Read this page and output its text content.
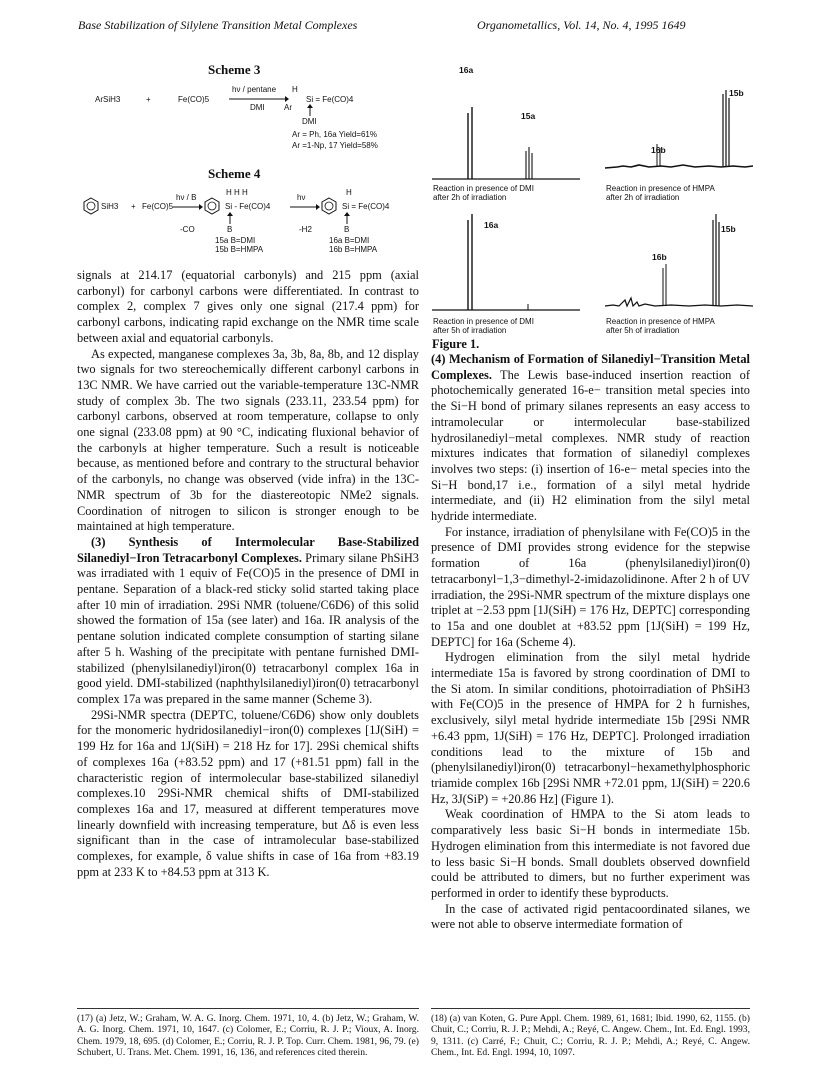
Base Stabilization of Silylene Transition Metal Complexes	Organometallics, Vol. 14, No. 4, 1995 1649
Scheme 3
ArSiH3	+	Fe(CO)5
hν / pentane
DMI
H
Ar
Si = Fe(CO)4
DMI
Ar = Ph, 16a Yield=61%
Ar =1-Np, 17 Yield=58%
Scheme 4
SiH3 + Fe(CO)5
hν / B
-CO
H H H
Si - Fe(CO)4
B
15a B=DMI
15b B=HMPA
hν
-H2
H
Si = Fe(CO)4
B
16a B=DMI
16b B=HMPA

signals at 214.17 (equatorial carbonyls) and 215 ppm (axial carbonyl) for carbonyl carbons were differentiated. In contrast to complex 2, complex 7 gives only one signal (217.4 ppm) for carbonyl carbons, indicating rapid exchange on the NMR time scale between axial and equatorial carbonyls.

As expected, manganese complexes 3a, 3b, 8a, 8b, and 12 display two signals for two stereochemically different carbonyl carbons in 13C NMR. We have carried out the variable-temperature 13C-NMR study of complex 3b. The two signals (233.11, 233.54 ppm) for carbonyl carbons, observed at room temperature, collapse to only one signal (233.08 ppm) at 90 °C, indicating fluxional behavior of the carbonyls at higher temperature. Such a result is noticeable because, as mentioned before and contrary to the structural behavior of the carbonyls, no change was observed (vide infra) in the 13C-NMR spectrum of 3b for the diastereotopic NMe2 signals. Coordination of nitrogen to silicon is stronger enough to be maintained at high temperature.

(3) Synthesis of Intermolecular Base-Stabilized Silanediyl−Iron Tetracarbonyl Complexes. Primary silane PhSiH3 was irradiated with 1 equiv of Fe(CO)5 in the presence of DMI in pentane. Separation of a black-red sticky solid started taking place after 10 min of irradiation. 29Si NMR (toluene/C6D6) of this solid showed the formation of 15a (see later) and 16a. IR analysis of the pentane solution indicated complete consumption of starting silane after 5 h. Washing of the precipitate with pentane furnished DMI-stabilized (phenylsilanediyl)iron(0) tetracarbonyl complex 16a in good yield. DMI-stabilized (naphthylsilanediyl)iron(0) tetracarbonyl complex 17a was prepared in the same manner (Scheme 3).

29Si-NMR spectra (DEPTC, toluene/C6D6) show only doublets for the monomeric hydridosilanediyl−iron(0) complexes [1J(SiH) = 199 Hz for 16a and 1J(SiH) = 218 Hz for 17]. 29Si chemical shifts of complexes 16a (+83.52 ppm) and 17 (+81.51 ppm) fall in the characteristic region of intermolecular base-stabilized silanediyl complexes.10 29Si-NMR chemical shifts of DMI-stabilized complexes 16a and 17, measured at different temperatures move linearly downfield with increasing temperature, but Δδ is even less significant than in the case of intramolecular base-stabilized complexes, for example, δ value shifts in case of 16a from +83.19 ppm at 233 K to +84.53 ppm at 313 K.

16a
15a
Reaction in presence of DMI
after 2h of irradiation
15b
16b
Reaction in presence of HMPA
after 2h of irradiation
16a
Reaction in presence of DMI
after 5h of irradiation
15b
16b
Reaction in presence of HMPA
after 5h of irradiation
Figure 1.

(4) Mechanism of Formation of Silanediyl−Transition Metal Complexes. The Lewis base-induced insertion reaction of photochemically generated 16-e− transition metal species into the Si−H bond of primary silanes represents an easy access to intramolecular or intermolecular base-stabilized hydrosilanediyl−metal complexes. NMR study of reaction mixtures indicates that formation of silanediyl complexes involves two steps: (i) insertion of 16-e− metal species into the Si−H bond,17 i.e., formation of a silyl metal hydride intermediate, and (ii) H2 elimination from the silyl metal hydride intermediate.

For instance, irradiation of phenylsilane with Fe(CO)5 in the presence of DMI provides strong evidence for the stepwise formation of 16a (phenylsilanediyl)iron(0) tetracarbonyl−1,3−dimethyl-2-imidazolidinone. After 2 h of UV irradiation, the 29Si-NMR spectrum of the mixture displays one triplet at −2.53 ppm [1J(SiH) = 176 Hz, DEPTC] corresponding to 15a and one doublet at +83.52 ppm [1J(SiH) = 199 Hz, DEPTC] for 16a (Scheme 4).

Hydrogen elimination from the silyl metal hydride intermediate 15a is favored by strong coordination of DMI to the Si atom. In similar conditions, photoirradiation of PhSiH3 with Fe(CO)5 in the presence of HMPA for 2 h furnishes, exclusively, silyl metal hydride intermediate 15b [29Si NMR +6.43 ppm, 1J(SiH) = 176 Hz, DEPTC]. Prolonged irradiation conditions lead to the mixture of 15b and (phenylsilanediyl)iron(0) tetracarbonyl−hexamethylphosphoric triamide complex 16b [29Si NMR +72.01 ppm, 1J(SiH) = 220.6 Hz, 3J(SiP) = +20.86 Hz] (Figure 1).

Weak coordination of HMPA to the Si atom leads to comparatively less basic Si−H bonds in intermediate 15b. Hydrogen elimination from this intermediate is not favored due to less basic Si−H bonds. Small doublets observed downfield could be attributed to dimers, but no further experiment was performed in order to identify these byproducts.

In the case of activated rigid pentacoordinated silanes, we were not able to observe intermediate formation of

(17) (a) Jetz, W.; Graham, W. A. G. Inorg. Chem. 1971, 10, 4. (b) Jetz, W.; Graham, W. A. G. Inorg. Chem. 1971, 10, 1647. (c) Colomer, E.; Corriu, R. J. P.; Vioux, A. Inorg. Chem. 1979, 18, 695. (d) Colomer, E.; Corriu, R. J. P. Top. Curr. Chem. 1981, 96, 79. (e) Schubert, U. Trans. Met. Chem. 1991, 16, 136, and references cited therein.
(18) (a) van Koten, G. Pure Appl. Chem. 1989, 61, 1681; Ibid. 1990, 62, 1155. (b) Chuit, C.; Corriu, R. J. P.; Mehdi, A.; Reyé, C. Angew. Chem., Int. Ed. Engl. 1993, 9, 1311. (c) Carré, F.; Chuit, C.; Corriu, R. J. P.; Mehdi, A.; Reyé, C. Angew. Chem., Int. Ed. Engl. 1994, 10, 1097.
